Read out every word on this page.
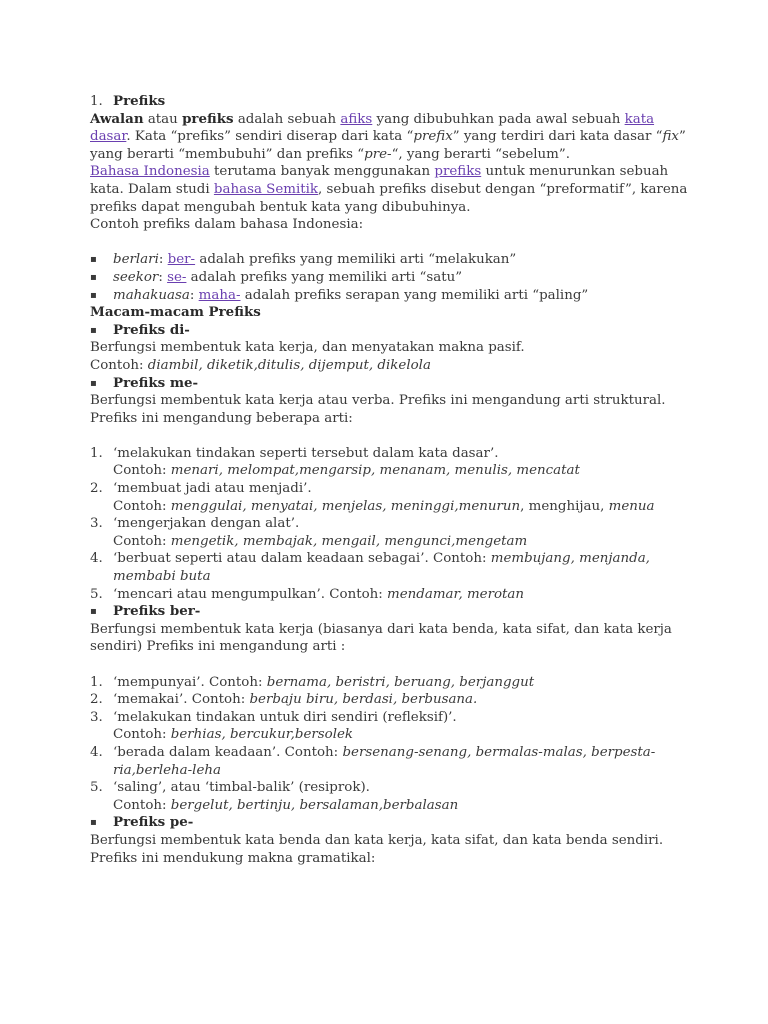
1. Prefiks

Awalan atau prefiks adalah sebuah afiks yang dibubuhkan pada awal sebuah kata dasar. Kata “prefiks” sendiri diserap dari kata “prefix” yang terdiri dari kata dasar “fix” yang berarti “membubuhi” dan prefiks “pre-“, yang berarti “sebelum”.

Bahasa Indonesia terutama banyak menggunakan prefiks untuk menurunkan sebuah kata. Dalam studi bahasa Semitik, sebuah prefiks disebut dengan “preformatif”, karena prefiks dapat mengubah bentuk kata yang dibubuhinya.

Contoh prefiks dalam bahasa Indonesia:

▪	berlari: ber- adalah prefiks yang memiliki arti “melakukan”
▪	seekor: se- adalah prefiks yang memiliki arti “satu”
▪	mahakuasa: maha- adalah prefiks serapan yang memiliki arti “paling”

Macam-macam Prefiks

▪	Prefiks di-

Berfungsi membentuk kata kerja, dan menyatakan makna pasif.

Contoh: diambil, diketik,ditulis, dijemput, dikelola

▪	Prefiks me-

Berfungsi membentuk kata kerja atau verba. Prefiks ini mengandung arti struktural. Prefiks ini mengandung beberapa arti:

1. ‘melakukan tindakan seperti tersebut dalam kata dasar’.
Contoh: menari, melompat,mengarsip, menanam, menulis, mencatat
2. ‘membuat jadi atau menjadi’.
Contoh: menggulai, menyatai, menjelas, meninggi,menurun, menghijau, menua
3. ‘mengerjakan dengan alat’.
Contoh: mengetik, membajak, mengail, mengunci,mengetam
4. ‘berbuat seperti atau dalam keadaan sebagai’. Contoh: membujang, menjanda, membabi buta
5. ‘mencari atau mengumpulkan’. Contoh: mendamar, merotan
▪	Prefiks ber-

Berfungsi membentuk kata kerja (biasanya dari kata benda, kata sifat, dan kata kerja sendiri) Prefiks ini mengandung arti :

1. ‘mempunyai’. Contoh: bernama, beristri, beruang, berjanggut
2. ‘memakai’. Contoh: berbaju biru, berdasi, berbusana.
3. ‘melakukan tindakan untuk diri sendiri (refleksif)’.
Contoh: berhias, bercukur,bersolek
4. ‘berada dalam keadaan’. Contoh: bersenang-senang, bermalas-malas, berpesta-ria,berleha-leha
5. ‘saling’, atau ‘timbal-balik’ (resiprok).
Contoh: bergelut, bertinju, bersalaman,berbalasan
▪	Prefiks pe-

Berfungsi membentuk kata benda dan kata kerja, kata sifat, dan kata benda sendiri. Prefiks ini mendukung makna gramatikal:
